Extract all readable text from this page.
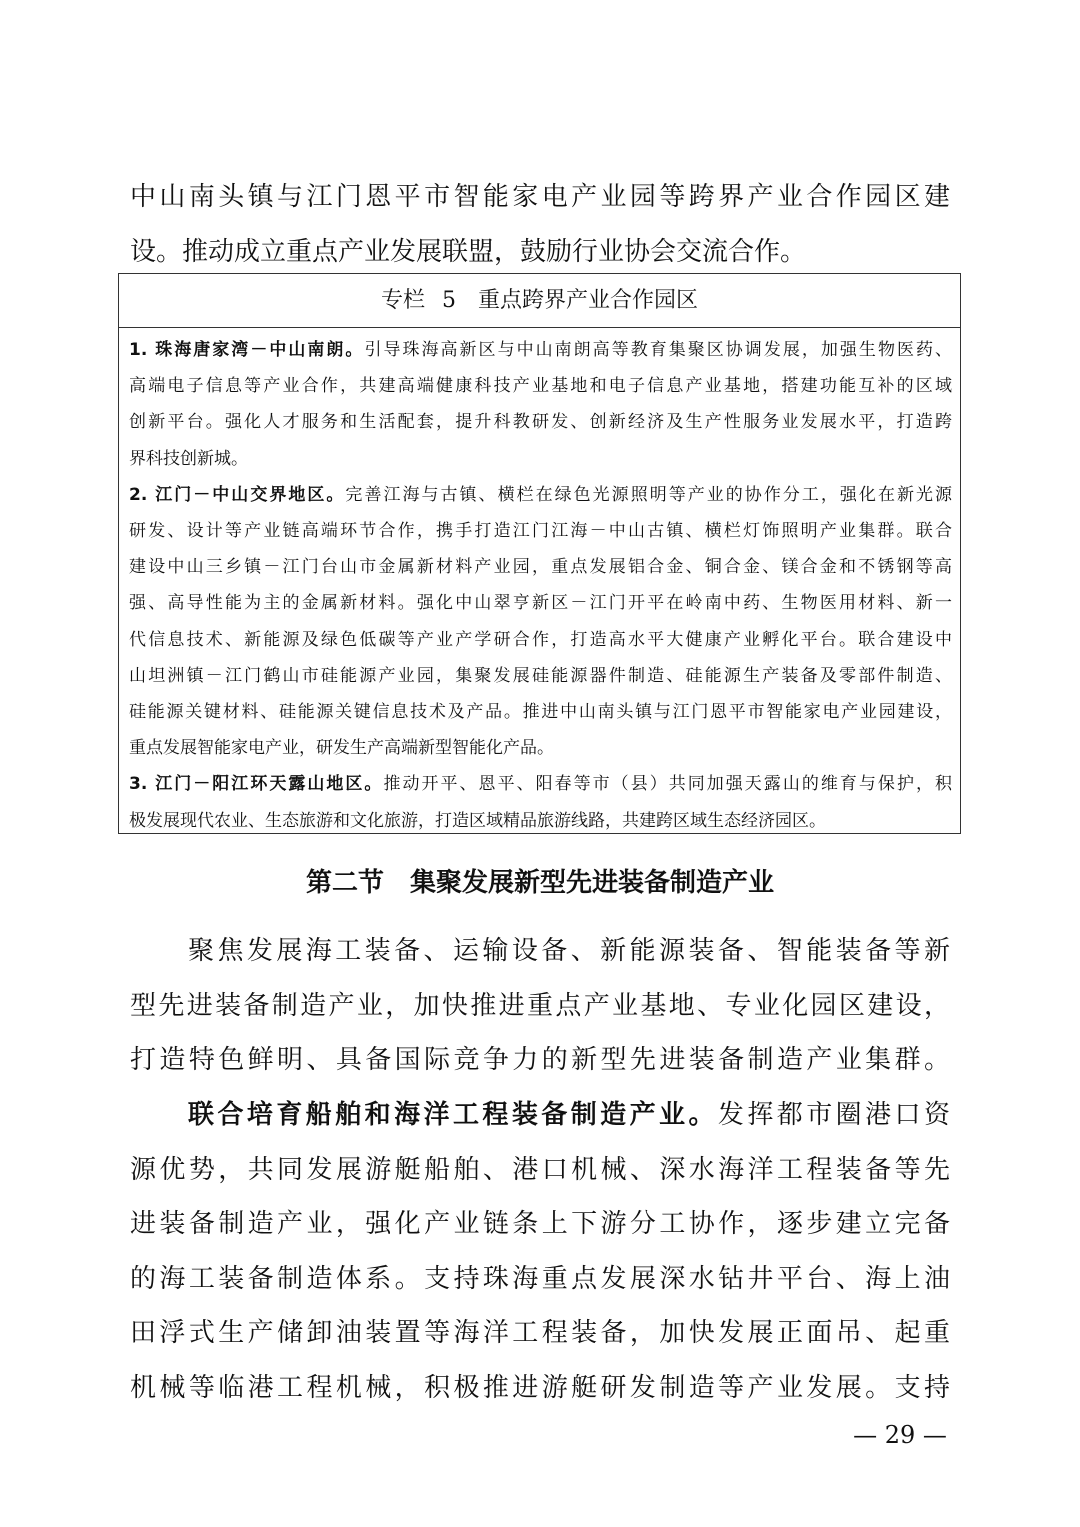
中山南头镇与江门恩平市智能家电产业园等跨界产业合作园区建
设。推动成立重点产业发展联盟，鼓励行业协会交流合作。
专栏 5　重点跨界产业合作园区
1. 珠海唐家湾－中山南朗。引导珠海高新区与中山南朗高等教育集聚区协调发展，加强生物医药、
高端电子信息等产业合作，共建高端健康科技产业基地和电子信息产业基地，搭建功能互补的区域
创新平台。强化人才服务和生活配套，提升科教研发、创新经济及生产性服务业发展水平，打造跨
界科技创新城。
2. 江门－中山交界地区。完善江海与古镇、横栏在绿色光源照明等产业的协作分工，强化在新光源
研发、设计等产业链高端环节合作，携手打造江门江海－中山古镇、横栏灯饰照明产业集群。联合
建设中山三乡镇－江门台山市金属新材料产业园，重点发展铝合金、铜合金、镁合金和不锈钢等高
强、高导性能为主的金属新材料。强化中山翠亨新区－江门开平在岭南中药、生物医用材料、新一
代信息技术、新能源及绿色低碳等产业产学研合作，打造高水平大健康产业孵化平台。联合建设中
山坦洲镇－江门鹤山市硅能源产业园，集聚发展硅能源器件制造、硅能源生产装备及零部件制造、
硅能源关键材料、硅能源关键信息技术及产品。推进中山南头镇与江门恩平市智能家电产业园建设，
重点发展智能家电产业，研发生产高端新型智能化产品。
3. 江门－阳江环天露山地区。推动开平、恩平、阳春等市（县）共同加强天露山的维育与保护，积
极发展现代农业、生态旅游和文化旅游，打造区域精品旅游线路，共建跨区域生态经济园区。
第二节　集聚发展新型先进装备制造产业
聚焦发展海工装备、运输设备、新能源装备、智能装备等新
型先进装备制造产业，加快推进重点产业基地、专业化园区建设，
打造特色鲜明、具备国际竞争力的新型先进装备制造产业集群。
联合培育船舶和海洋工程装备制造产业。发挥都市圈港口资
源优势，共同发展游艇船舶、港口机械、深水海洋工程装备等先
进装备制造产业，强化产业链条上下游分工协作，逐步建立完备
的海工装备制造体系。支持珠海重点发展深水钻井平台、海上油
田浮式生产储卸油装置等海洋工程装备，加快发展正面吊、起重
机械等临港工程机械，积极推进游艇研发制造等产业发展。支持
— 29 —
